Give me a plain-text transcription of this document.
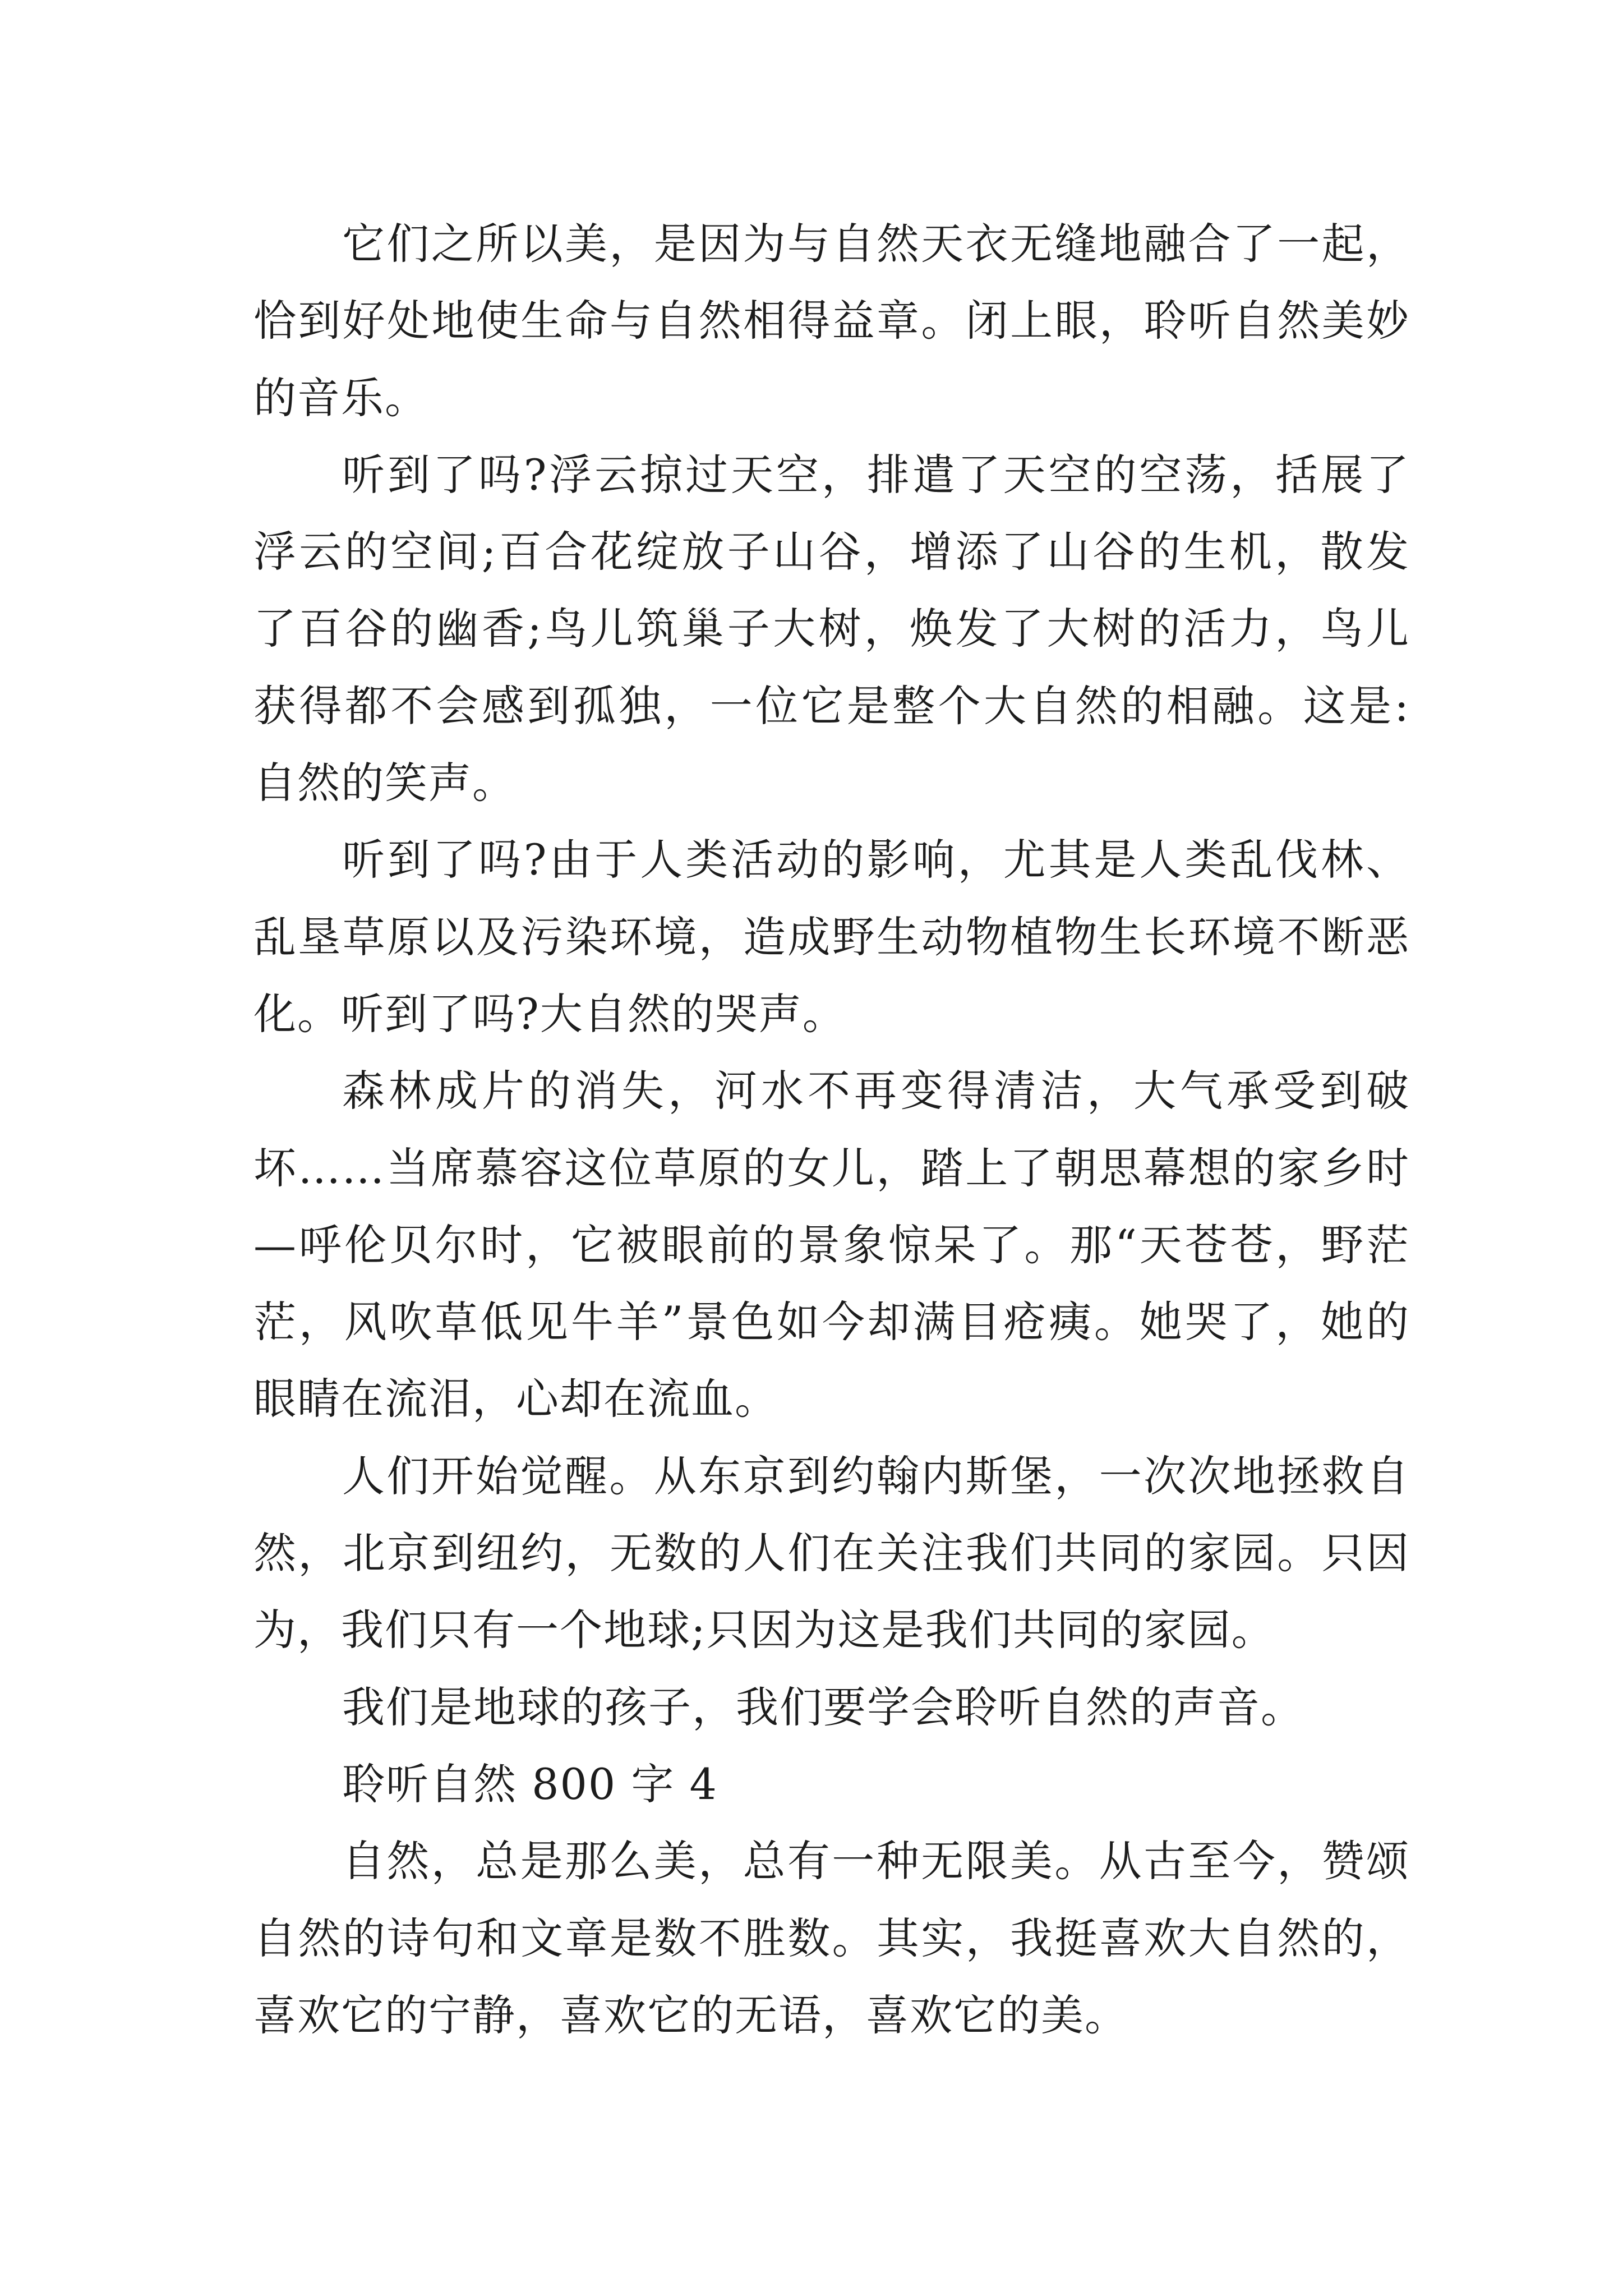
它们之所以美，是因为与自然天衣无缝地融合了一起，
恰到好处地使生命与自然相得益章。闭上眼，聆听自然美妙
的音乐。
听到了吗?浮云掠过天空，排遣了天空的空荡，括展了
浮云的空间;百合花绽放子山谷，增添了山谷的生机，散发
了百谷的幽香;鸟儿筑巢子大树，焕发了大树的活力，鸟儿
获得都不会感到孤独，一位它是整个大自然的相融。这是:
自然的笑声。
听到了吗?由于人类活动的影响，尤其是人类乱伐林、
乱垦草原以及污染环境，造成野生动物植物生长环境不断恶
化。听到了吗?大自然的哭声。
森林成片的消失，河水不再变得清洁，大气承受到破
坏……当席慕容这位草原的女儿，踏上了朝思幕想的家乡时
—呼伦贝尔时，它被眼前的景象惊呆了。那“天苍苍，野茫
茫，风吹草低见牛羊”景色如今却满目疮痍。她哭了，她的
眼睛在流泪，心却在流血。
人们开始觉醒。从东京到约翰内斯堡，一次次地拯救自
然，北京到纽约，无数的人们在关注我们共同的家园。只因
为，我们只有一个地球;只因为这是我们共同的家园。
我们是地球的孩子，我们要学会聆听自然的声音。
聆听自然 800 字 4
自然，总是那么美，总有一种无限美。从古至今，赞颂
自然的诗句和文章是数不胜数。其实，我挺喜欢大自然的，
喜欢它的宁静，喜欢它的无语，喜欢它的美。
